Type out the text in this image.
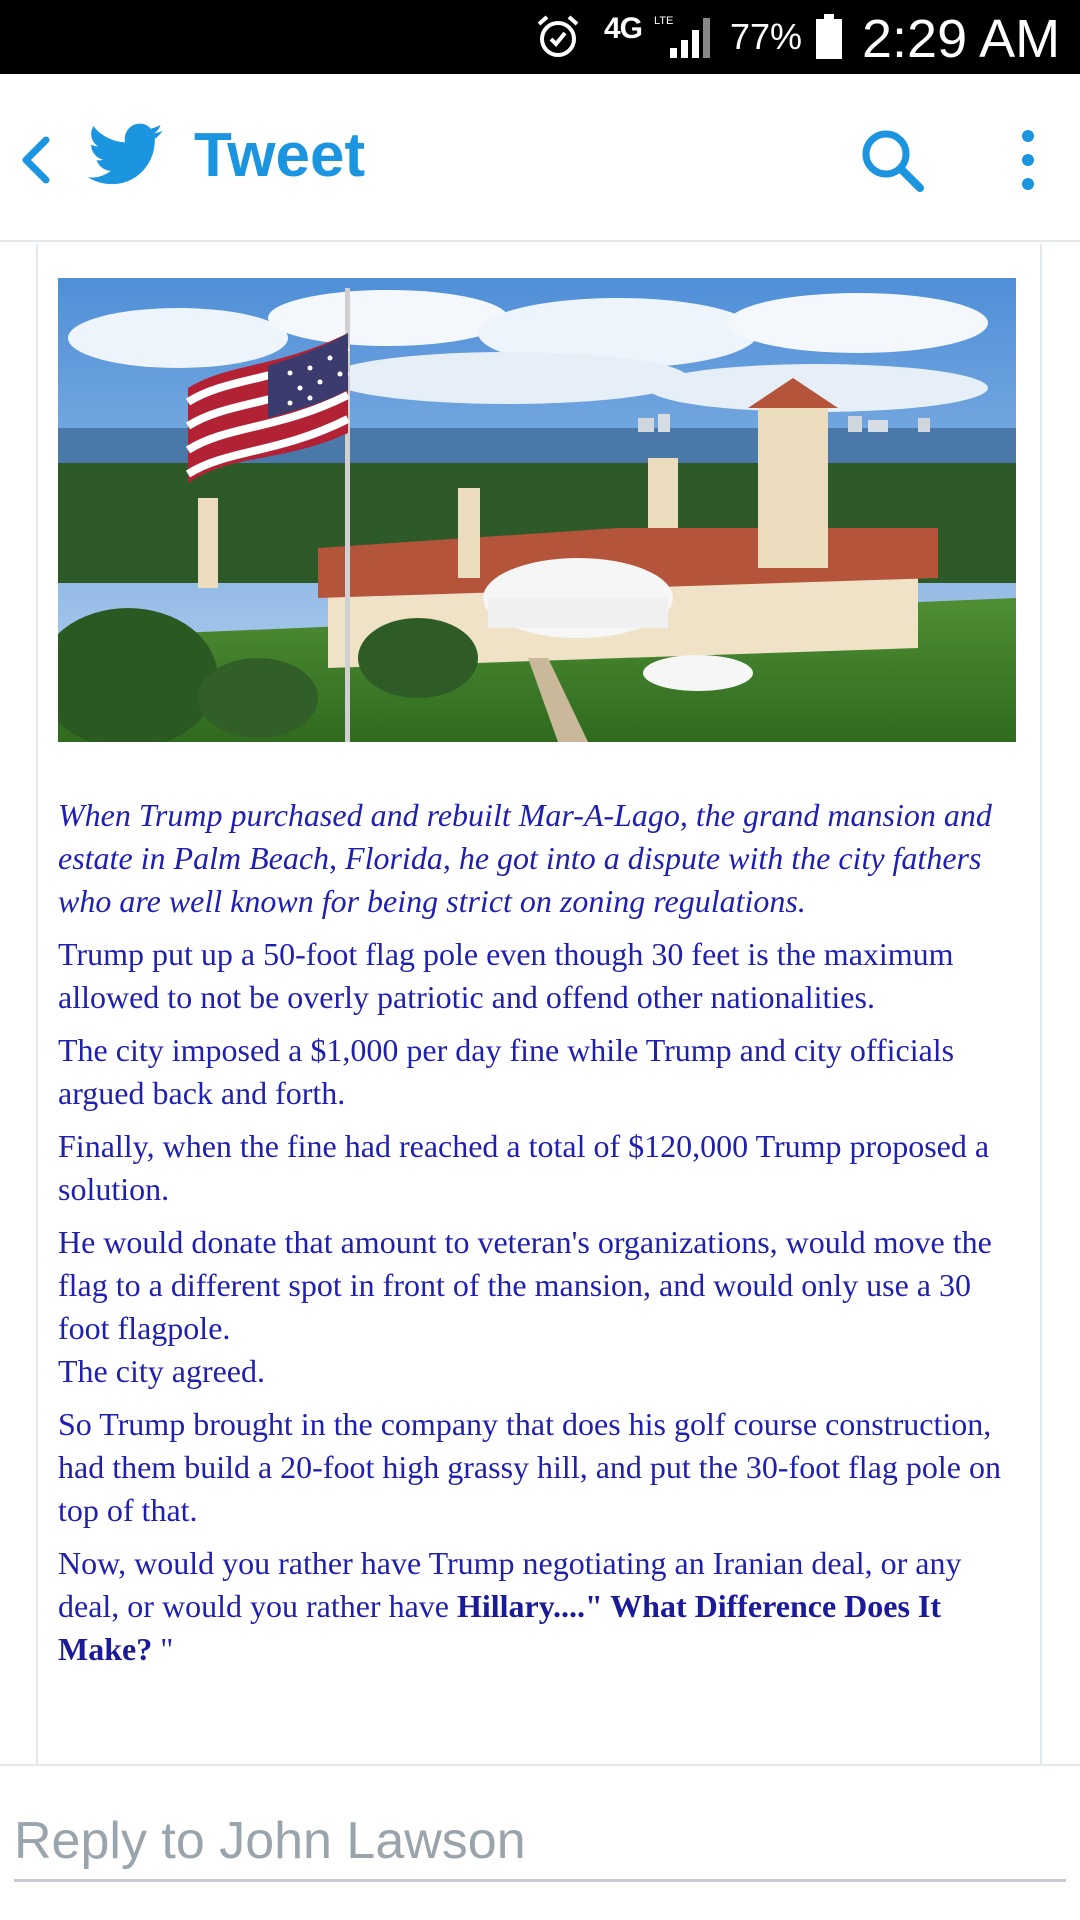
4G LTE 77% 2:29 AM
Tweet

When Trump purchased and rebuilt Mar-A-Lago, the grand mansion and estate in Palm Beach, Florida, he got into a dispute with the city fathers who are well known for being strict on zoning regulations.

Trump put up a 50-foot flag pole even though 30 feet is the maximum allowed to not be overly patriotic and offend other nationalities.

The city imposed a $1,000 per day fine while Trump and city officials argued back and forth.

Finally, when the fine had reached a total of $120,000 Trump proposed a solution.

He would donate that amount to veteran's organizations, would move the flag to a different spot in front of the mansion, and would only use a 30 foot flagpole.

The city agreed.

So Trump brought in the company that does his golf course construction, had them build a 20-foot high grassy hill, and put the 30-foot flag pole on top of that.

Now, would you rather have Trump negotiating an Iranian deal, or any deal, or would you rather have Hillary...." What Difference Does It Make? "

Reply to John Lawson
